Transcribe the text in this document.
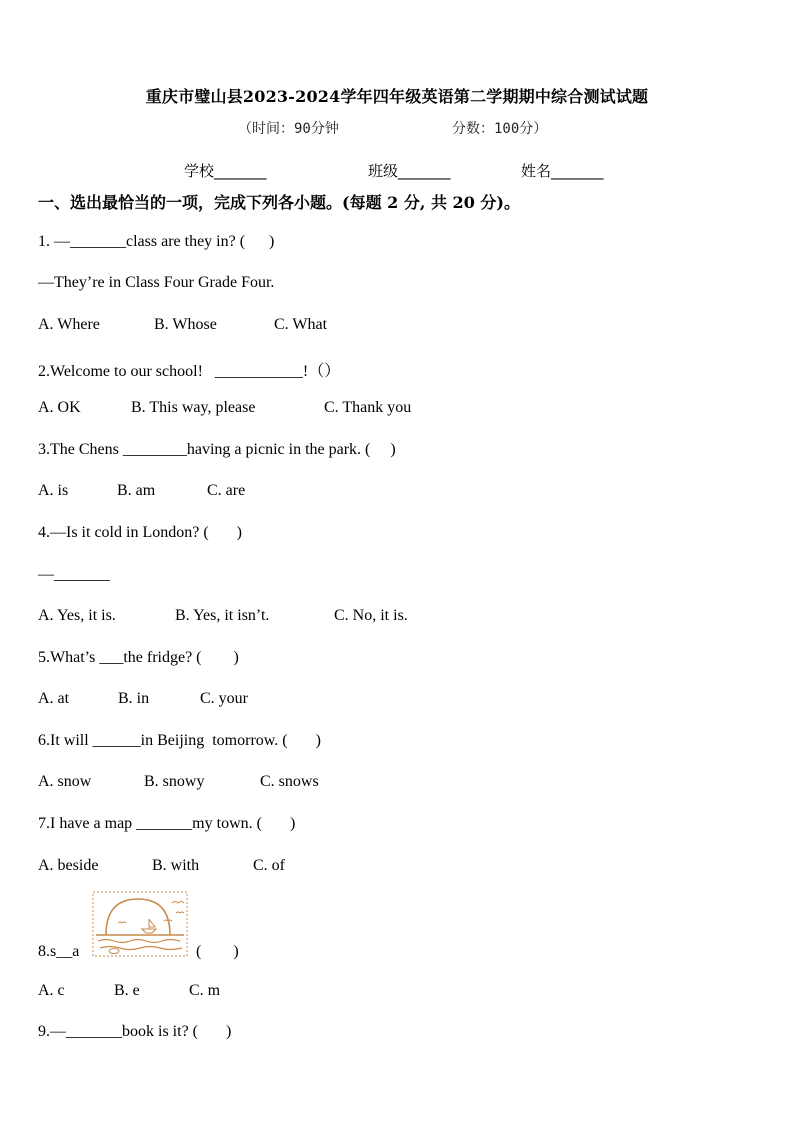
重庆市璧山县2023-2024学年四年级英语第二学期期中综合测试试题
（时间：90分钟	分数：100分）
学校_______	班级_______	姓名_______
一、选出最恰当的一项，完成下列各小题。(每题 2 分, 共 20 分)。
1. —_______class are they in? (      )
—They’re in Class Four Grade Four.
A. Where	B. Whose	C. What
2.Welcome to our school!   ___________!（）
A. OK	B. This way, please	C. Thank you
3.The Chens ________having a picnic in the park. (     )
A. is	B. am	C. are
4.—Is it cold in London? (       )
—_______
A. Yes, it is.	B. Yes, it isn’t.	C. No, it is.
5.What’s ___the fridge? (        )
A. at	B. in	C. your
6.It will ______in Beijing  tomorrow. (       )
A. snow	B. snowy	C. snows
7.I have a map _______my town. (       )
A. beside	B. with	C. of
8.s__a	(        )
A. c	B. e	C. m
9.—_______book is it? (       )
